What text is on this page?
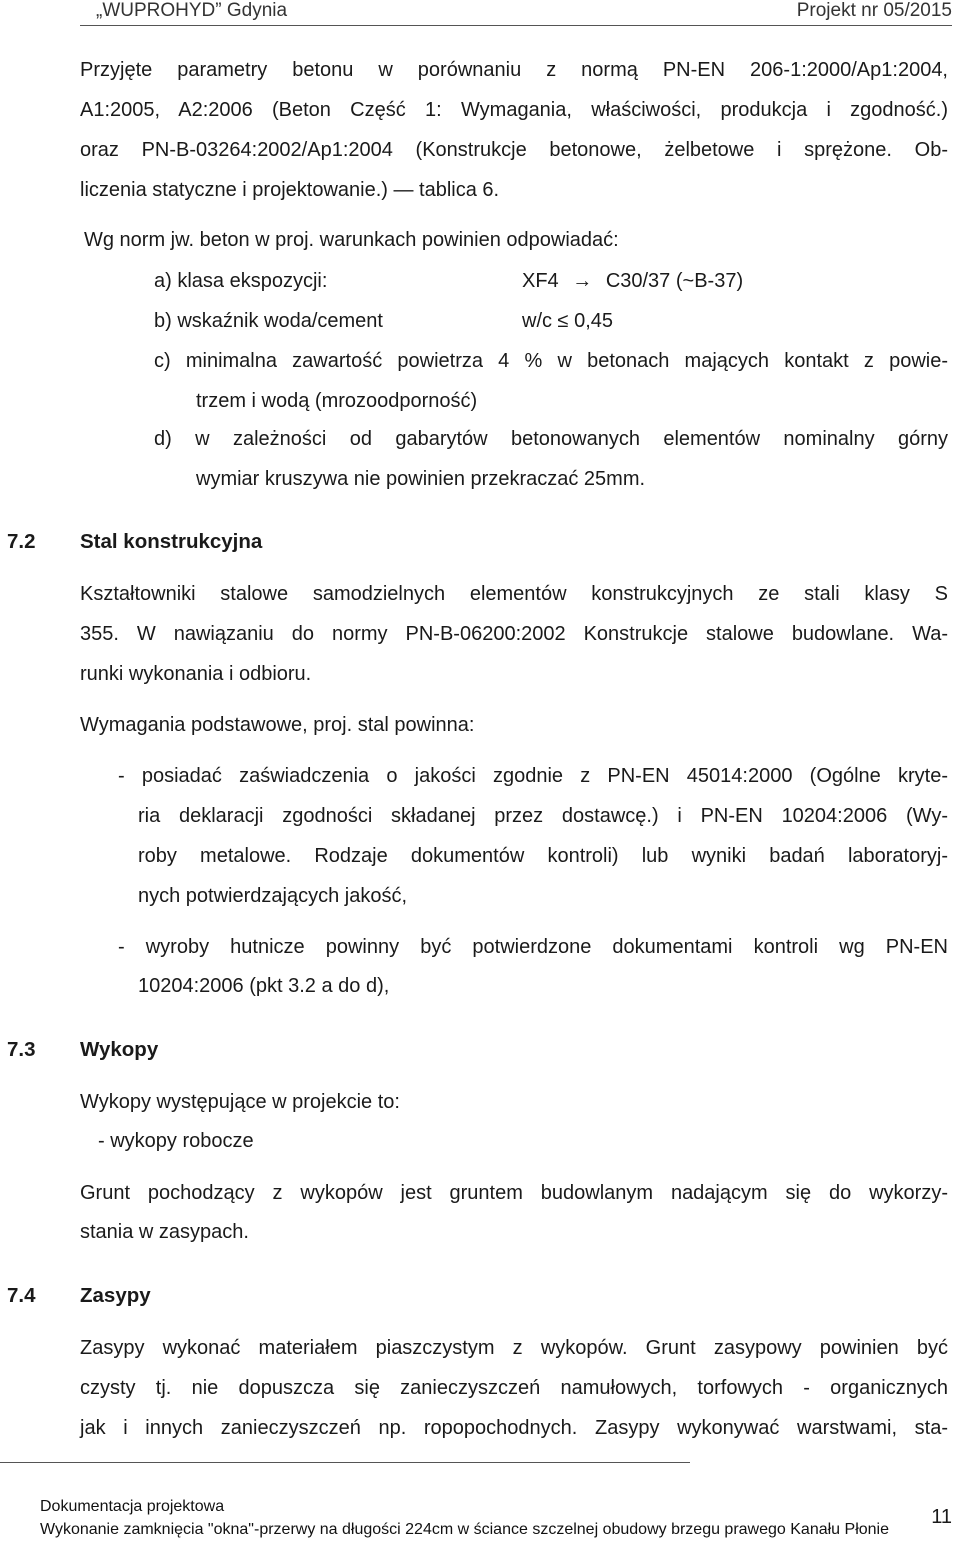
„WUPROHYD” Gdynia	Projekt nr 05/2015

Przyjęte parametry betonu w porównaniu z normą PN-EN 206-1:2000/Ap1:2004,

A1:2005, A2:2006 (Beton Część 1: Wymagania, właściwości, produkcja i zgodność.)

oraz PN-B-03264:2002/Ap1:2004 (Konstrukcje betonowe, żelbetowe i sprężone. Ob-

liczenia statyczne i projektowanie.) — tablica 6.

Wg norm jw. beton w proj. warunkach powinien odpowiadać:

a) klasa ekspozycji:	XF4 → C30/37 (~B-37)

b) wskaźnik woda/cement	w/c ≤ 0,45

c) minimalna zawartość powietrza 4 % w betonach mających kontakt z powie-

trzem i wodą (mrozoodporność)

d) w zależności od gabarytów betonowanych elementów nominalny górny

wymiar kruszywa nie powinien przekraczać 25mm.

7.2 Stal konstrukcyjna

Kształtowniki stalowe samodzielnych elementów konstrukcyjnych ze stali klasy S

355. W nawiązaniu do normy PN-B-06200:2002 Konstrukcje stalowe budowlane. Wa-

runki wykonania i odbioru.

Wymagania podstawowe, proj. stal powinna:

- posiadać zaświadczenia o jakości zgodnie z PN-EN 45014:2000 (Ogólne kryte-

ria deklaracji zgodności składanej przez dostawcę.) i PN-EN 10204:2006 (Wy-

roby metalowe. Rodzaje dokumentów kontroli) lub wyniki badań laboratoryj-

nych potwierdzających jakość,

- wyroby hutnicze powinny być potwierdzone dokumentami kontroli wg PN-EN

10204:2006 (pkt 3.2 a do d),

7.3 Wykopy

Wykopy występujące w projekcie to:

- wykopy robocze

Grunt pochodzący z wykopów jest gruntem budowlanym nadającym się do wykorzy-

stania w zasypach.

7.4 Zasypy

Zasypy wykonać materiałem piaszczystym z wykopów. Grunt zasypowy powinien być

czysty tj. nie dopuszcza się zanieczyszczeń namułowych, torfowych - organicznych

jak i innych zanieczyszczeń np. ropopochodnych. Zasypy wykonywać warstwami, sta-

Dokumentacja projektowa
Wykonanie zamknięcia "okna"-przerwy na długości 224cm w ściance szczelnej obudowy brzegu prawego Kanału Płonie
11
